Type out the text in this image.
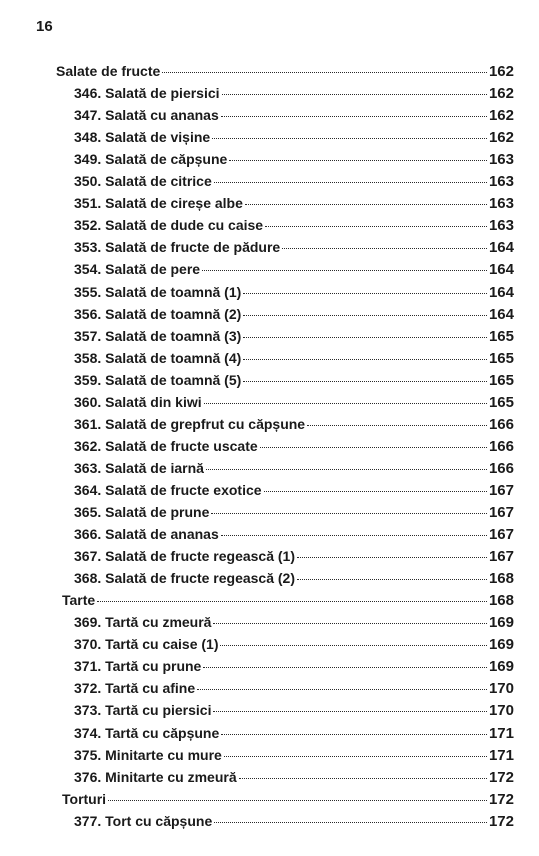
16
Salate de fructe	162
346. Salată de piersici	162
347. Salată cu ananas	162
348. Salată de vișine	162
349. Salată de căpșune	163
350. Salată de citrice	163
351. Salată de cireșe albe	163
352. Salată de dude cu caise	163
353. Salată de fructe de pădure	164
354. Salată de pere	164
355. Salată de toamnă (1)	164
356. Salată de toamnă (2)	164
357. Salată de toamnă (3)	165
358. Salată de toamnă (4)	165
359. Salată de toamnă (5)	165
360. Salată din kiwi	165
361. Salată de grepfrut cu căpșune	166
362. Salată de fructe uscate	166
363. Salată de iarnă	166
364. Salată de fructe exotice	167
365. Salată de prune	167
366. Salată de ananas	167
367. Salată de fructe regească (1)	167
368. Salată de fructe regească (2)	168
Tarte	168
369. Tartă cu zmeură	169
370. Tartă cu caise (1)	169
371. Tartă cu prune	169
372. Tartă cu afine	170
373. Tartă cu piersici	170
374. Tartă cu căpșune	171
375. Minitarte cu mure	171
376. Minitarte cu zmeură	172
Torturi	172
377. Tort cu căpșune	172
